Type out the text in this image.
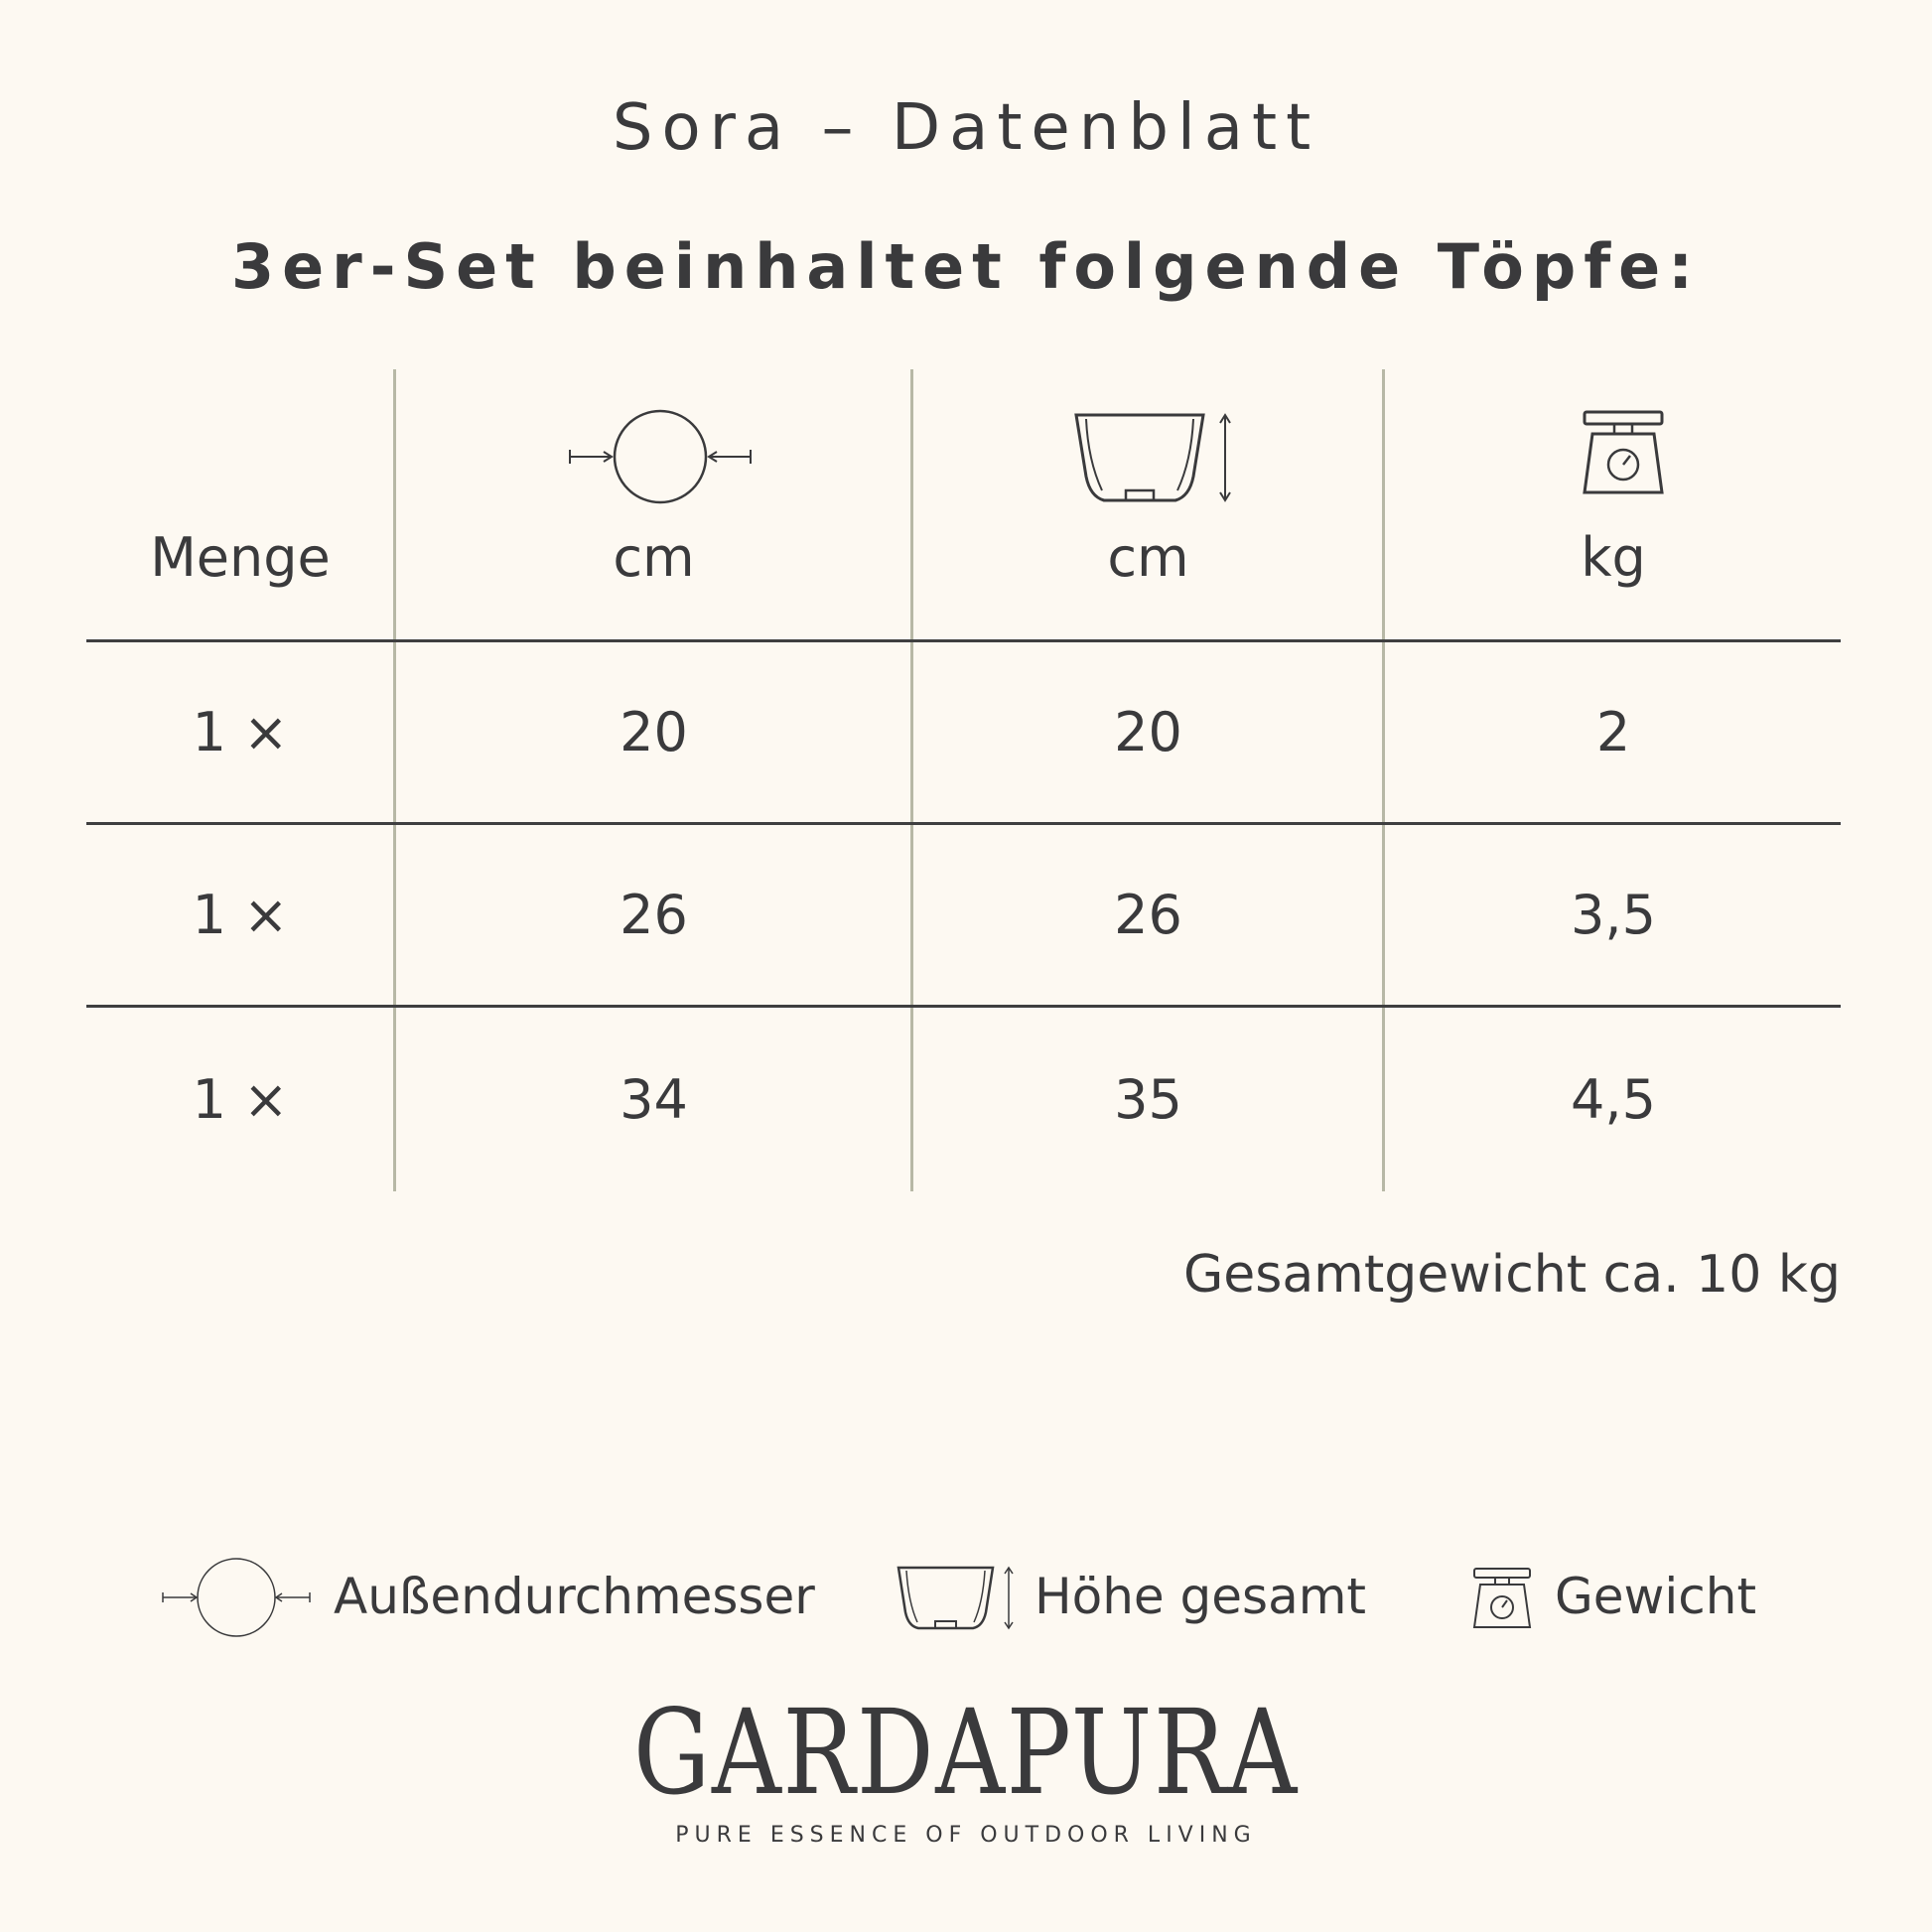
Sora – Datenblatt
3er-Set beinhaltet folgende Töpfe:
Menge	cm	cm	kg
1 ×	20	20	2
1 ×	26	26	3,5
1 ×	34	35	4,5
Gesamtgewicht ca. 10 kg
Außendurchmesser	Höhe gesamt	Gewicht
GARDAPURA
PURE ESSENCE OF OUTDOOR LIVING
